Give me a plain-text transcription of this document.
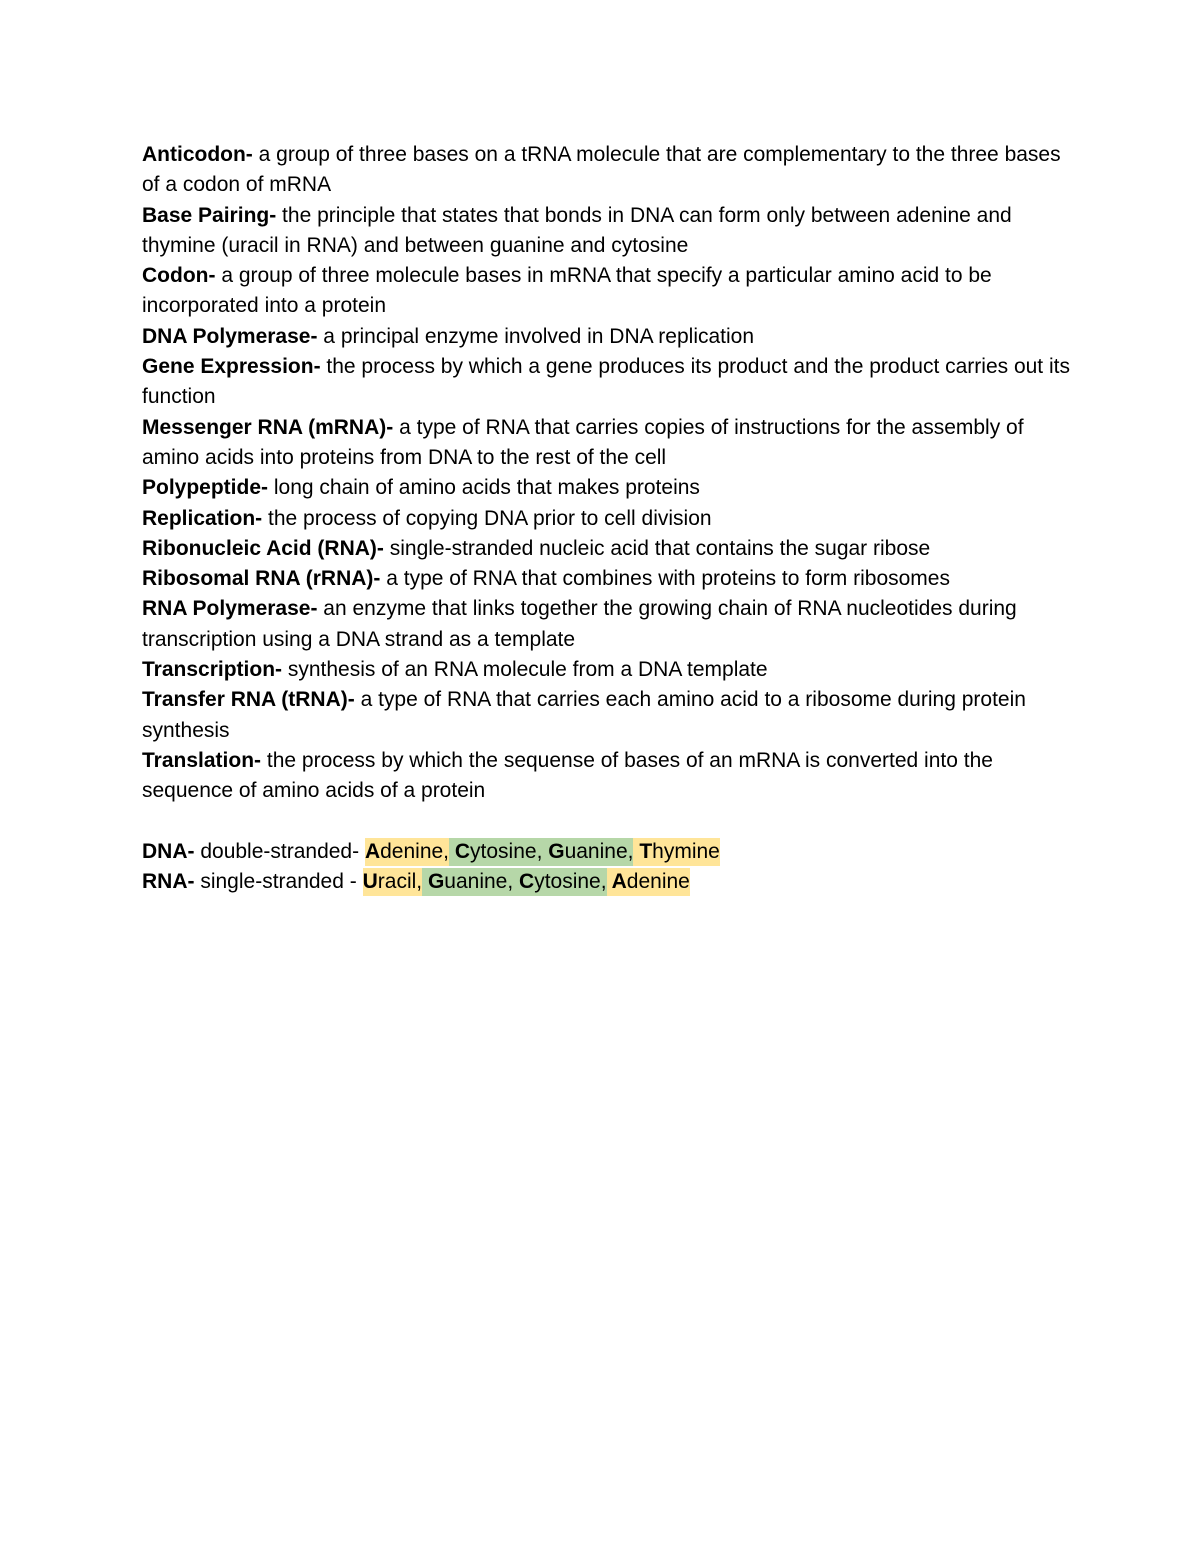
Anticodon- a group of three bases on a tRNA molecule that are complementary to the three bases of a codon of mRNA

Base Pairing- the principle that states that bonds in DNA can form only between adenine and thymine (uracil in RNA) and between guanine and cytosine

Codon- a group of three molecule bases in mRNA that specify a particular amino acid to be incorporated into a protein

DNA Polymerase- a principal enzyme involved in DNA replication

Gene Expression- the process by which a gene produces its product and the product carries out its function

Messenger RNA (mRNA)- a type of RNA that carries copies of instructions for the assembly of amino acids into proteins from DNA to the rest of the cell

Polypeptide- long chain of amino acids that makes proteins

Replication- the process of copying DNA prior to cell division

Ribonucleic Acid (RNA)- single-stranded nucleic acid that contains the sugar ribose

Ribosomal RNA (rRNA)- a type of RNA that combines with proteins to form ribosomes

RNA Polymerase- an enzyme that links together the growing chain of RNA nucleotides during transcription using a DNA strand as a template

Transcription- synthesis of an RNA molecule from a DNA template

Transfer RNA (tRNA)- a type of RNA that carries each amino acid to a ribosome during protein synthesis

Translation- the process by which the sequense of bases of an mRNA is converted into the sequence of amino acids of a protein

DNA- double-stranded- Adenine, Cytosine, Guanine, Thymine

RNA- single-stranded - Uracil, Guanine, Cytosine, Adenine
